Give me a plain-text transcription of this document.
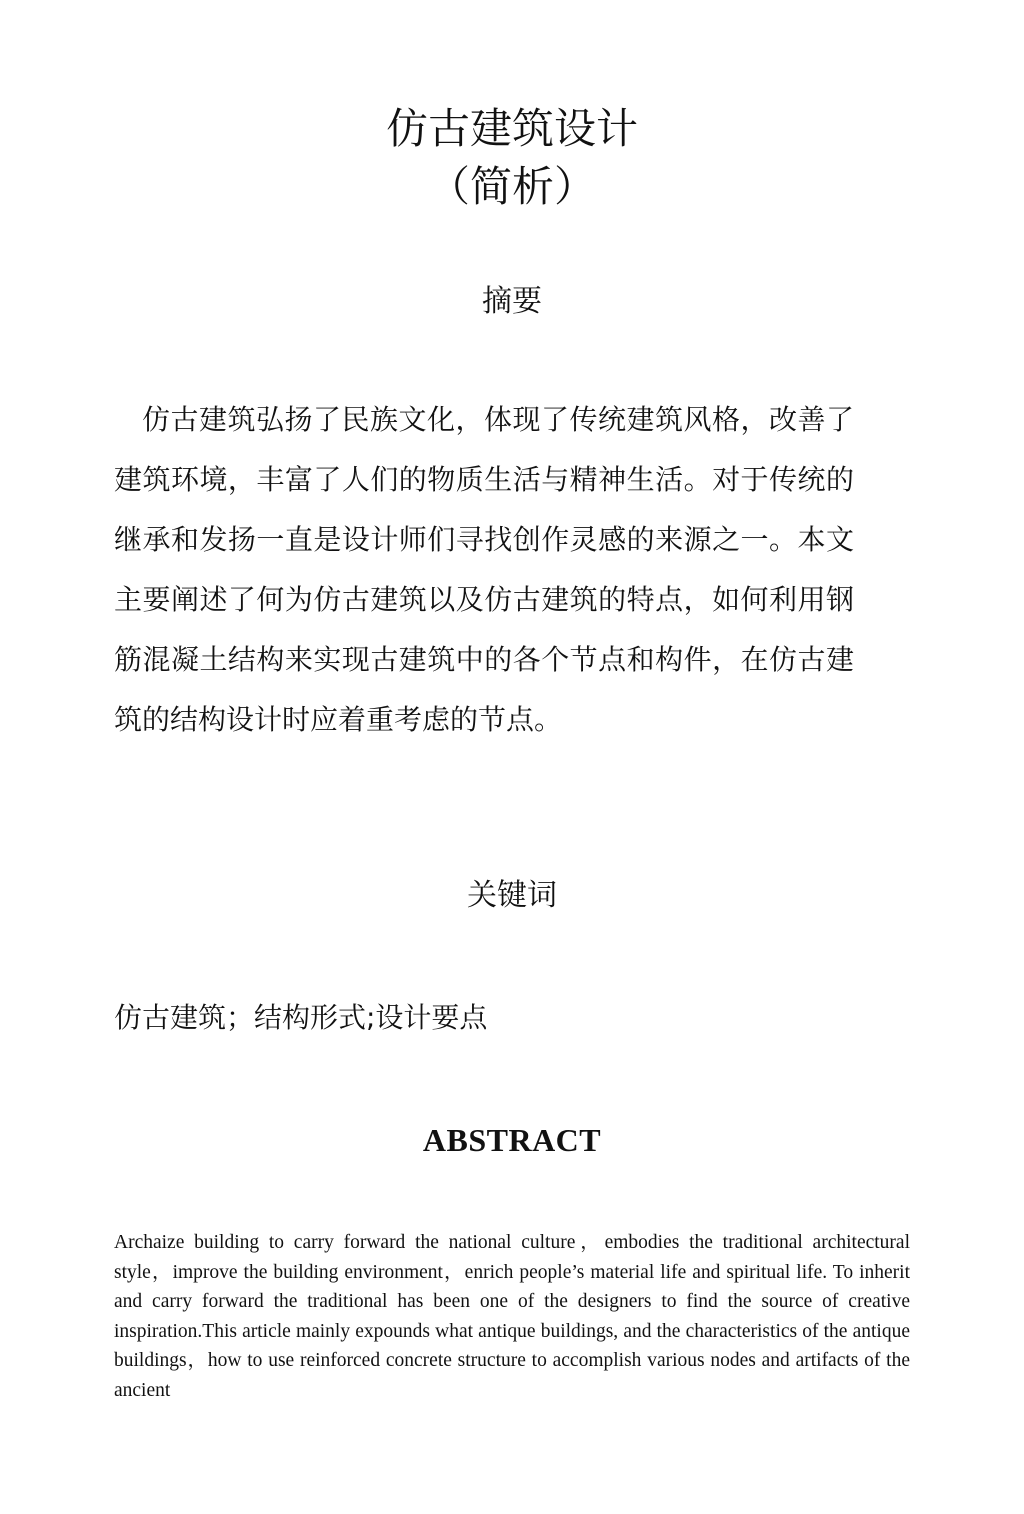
仿古建筑设计
（简析）
摘要

仿古建筑弘扬了民族文化，体现了传统建筑风格，改善了建筑环境，丰富了人们的物质生活与精神生活。对于传统的继承和发扬一直是设计师们寻找创作灵感的来源之一。本文主要阐述了何为仿古建筑以及仿古建筑的特点，如何利用钢筋混凝土结构来实现古建筑中的各个节点和构件，在仿古建筑的结构设计时应着重考虑的节点。

关键词
仿古建筑；结构形式;设计要点
ABSTRACT

Archaize building to carry forward the national culture，embodies the traditional architectural style，improve the building environment，enrich people’s material life and spiritual life. To inherit and carry forward the traditional has been one of the designers to find the source of creative inspiration.This article mainly expounds what antique buildings, and the characteristics of the antique buildings，how to use reinforced concrete structure to accomplish various nodes and artifacts of the ancient
